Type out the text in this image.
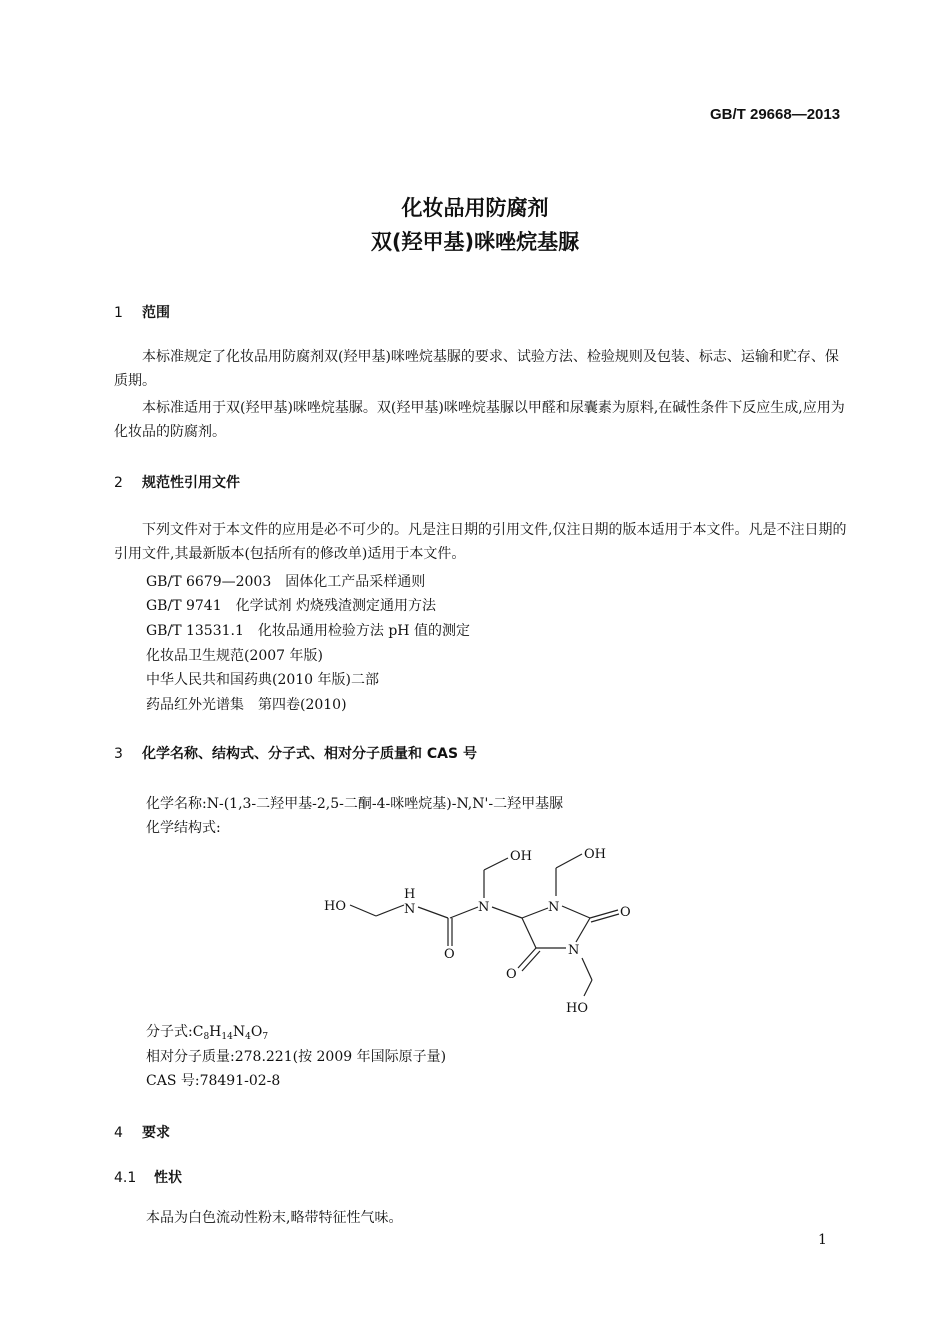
GB/T 29668—2013
化妆品用防腐剂
双(羟甲基)咪唑烷基脲
1 范围
本标准规定了化妆品用防腐剂双(羟甲基)咪唑烷基脲的要求、试验方法、检验规则及包装、标志、运输和贮存、保质期。
本标准适用于双(羟甲基)咪唑烷基脲。双(羟甲基)咪唑烷基脲以甲醛和尿囊素为原料,在碱性条件下反应生成,应用为化妆品的防腐剂。
2 规范性引用文件
下列文件对于本文件的应用是必不可少的。凡是注日期的引用文件,仅注日期的版本适用于本文件。凡是不注日期的引用文件,其最新版本(包括所有的修改单)适用于本文件。
GB/T 6679—2003 固体化工产品采样通则
GB/T 9741 化学试剂 灼烧残渣测定通用方法
GB/T 13531.1 化妆品通用检验方法 pH 值的测定
化妆品卫生规范(2007 年版)
中华人民共和国药典(2010 年版)二部
药品红外光谱集 第四卷(2010)
3 化学名称、结构式、分子式、相对分子质量和 CAS 号
化学名称:N-(1,3-二羟甲基-2,5-二酮-4-咪唑烷基)-N,N'-二羟甲基脲
化学结构式:
HO
H
N
O
N
OH
N
OH
O
N
HO
O
分子式$:C_8H_{14}N_4O_7$
相对分子质量:278.221(按 2009 年国际原子量)
CAS 号:78491-02-8
4 要求
4.1 性状
本品为白色流动性粉末,略带特征性气味。
1
